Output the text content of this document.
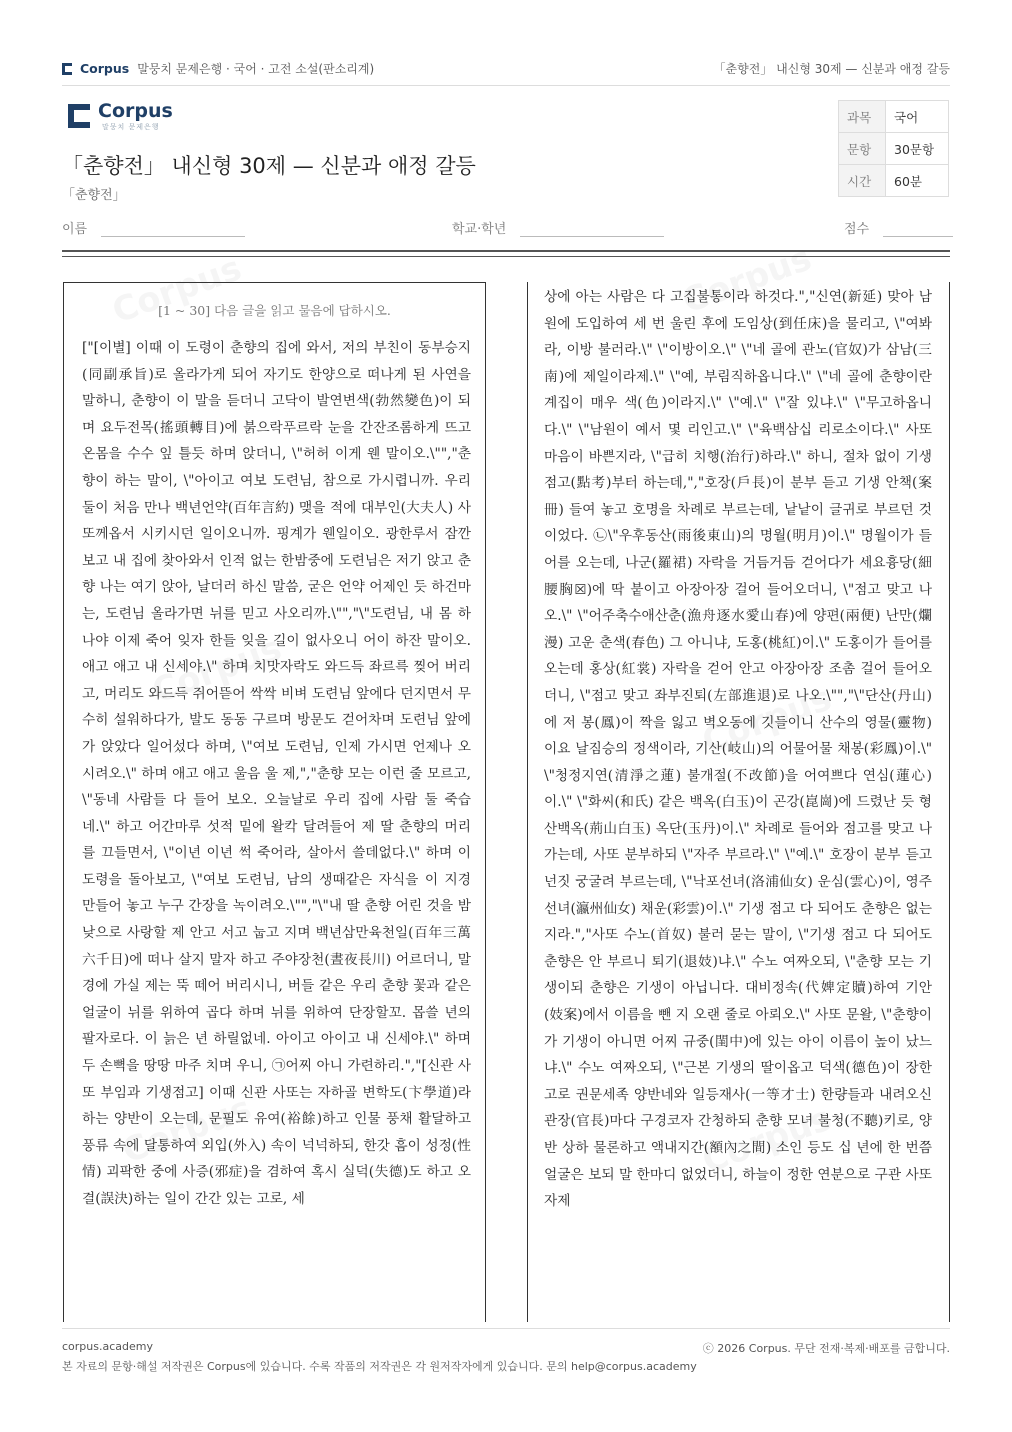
Corpus 말뭉치 문제은행 · 국어 · 고전 소설(판소리계)	「춘향전」 내신형 30제 — 신분과 애정 갈등
Corpus
말뭉치 문제은행
「춘향전」 내신형 30제 — 신분과 애정 갈등
「춘향전」
과목	국어
문항	30문항
시간	60분
이름	학교·학년	점수
[1 ~ 30] 다음 글을 읽고 물음에 답하시오.
["[이별] 이때 이 도령이 춘향의 집에 와서, 저의 부친이 동부승지(同副承旨)로 올라가게 되어 자기도 한양으로 떠나게 된 사연을 말하니, 춘향이 이 말을 듣더니 고닥이 발연변색(勃然變色)이 되며 요두전목(搖頭轉目)에 붉으락푸르락 눈을 간잔조롬하게 뜨고 온몸을 수수 잎 틀듯 하며 앉더니, \"허허 이게 웬 말이오.\"","춘향이 하는 말이, \"아이고 여보 도련님, 참으로 가시렵니까. 우리 둘이 처음 만나 백년언약(百年言約) 맺을 적에 대부인(大夫人) 사또께옵서 시키시던 일이오니까. 핑계가 웬일이오. 광한루서 잠깐 보고 내 집에 찾아와서 인적 없는 한밤중에 도련님은 저기 앉고 춘향 나는 여기 앉아, 날더러 하신 말씀, 굳은 언약 어제인 듯 하건마는, 도련님 올라가면 뉘를 믿고 사오리까.\"","\"도련님, 내 몸 하나야 이제 죽어 잊자 한들 잊을 길이 없사오니 어이 하잔 말이오. 애고 애고 내 신세야.\" 하며 치맛자락도 와드득 좌르륵 찢어 버리고, 머리도 와드득 쥐어뜯어 싹싹 비벼 도련님 앞에다 던지면서 무수히 설워하다가, 발도 동동 구르며 방문도 걷어차며 도련님 앞에 가 앉았다 일어섰다 하며, \"여보 도련님, 인제 가시면 언제나 오시려오.\" 하며 애고 애고 울음 울 제,","춘향 모는 이런 줄 모르고, \"동네 사람들 다 들어 보오. 오늘날로 우리 집에 사람 둘 죽습네.\" 하고 어간마루 섯적 밑에 왈칵 달려들어 제 딸 춘향의 머리를 끄들면서, \"이년 이년 썩 죽어라, 살아서 쓸데없다.\" 하며 이 도령을 돌아보고, \"여보 도련님, 남의 생때같은 자식을 이 지경 만들어 놓고 누구 간장을 녹이려오.\"","\"내 딸 춘향 어린 것을 밤낮으로 사랑할 제 안고 서고 눕고 지며 백년삼만육천일(百年三萬六千日)에 떠나 살지 말자 하고 주야장천(晝夜長川) 어르더니, 말경에 가실 제는 뚝 떼어 버리시니, 버들 같은 우리 춘향 꽃과 같은 얼굴이 뉘를 위하여 곱다 하며 뉘를 위하여 단장할꼬. 몹쓸 년의 팔자로다. 이 늙은 년 하릴없네. 아이고 아이고 내 신세야.\" 하며 두 손뼉을 땅땅 마주 치며 우니, ㉠어찌 아니 가련하리.","[신관 사또 부임과 기생점고] 이때 신관 사또는 자하골 변학도(卞學道)라 하는 양반이 오는데, 문필도 유여(裕餘)하고 인물 풍채 활달하고 풍류 속에 달통하여 외입(外入) 속이 넉넉하되, 한갓 흠이 성정(性情) 괴팍한 중에 사증(邪症)을 겸하여 혹시 실덕(失德)도 하고 오결(誤決)하는 일이 간간 있는 고로, 세
상에 아는 사람은 다 고집불통이라 하것다.","신연(新延) 맞아 남원에 도입하여 세 번 울린 후에 도임상(到任床)을 물리고, \"여봐라, 이방 불러라.\" \"이방이오.\" \"네 골에 관노(官奴)가 삼남(三南)에 제일이라제.\" \"예, 부림직하옵니다.\" \"네 골에 춘향이란 계집이 매우 색(色)이라지.\" \"예.\" \"잘 있냐.\" \"무고하옵니다.\" \"남원이 예서 몇 리인고.\" \"육백삼십 리로소이다.\" 사또 마음이 바쁜지라, \"급히 치행(治行)하라.\" 하니, 절차 없이 기생 점고(點考)부터 하는데,","호장(戶長)이 분부 듣고 기생 안책(案冊) 들여 놓고 호명을 차례로 부르는데, 낱낱이 글귀로 부르던 것이었다. ㉡\"우후동산(雨後東山)의 명월(明月)이.\" 명월이가 들어를 오는데, 나군(羅裙) 자락을 거듬거듬 걷어다가 세요흉당(細腰胸☒)에 딱 붙이고 아장아장 걸어 들어오더니, \"점고 맞고 나오.\" \"어주축수애산춘(漁舟逐水愛山春)에 양편(兩便) 난만(爛漫) 고운 춘색(春色) 그 아니냐, 도홍(桃紅)이.\" 도홍이가 들어를 오는데 홍상(紅裳) 자락을 걷어 안고 아장아장 조촘 걸어 들어오더니, \"점고 맞고 좌부진퇴(左部進退)로 나오.\"","\"단산(丹山)에 저 봉(鳳)이 짝을 잃고 벽오동에 깃들이니 산수의 영물(靈物)이요 날짐승의 정색이라, 기산(岐山)의 어물어물 채봉(彩鳳)이.\" \"청정지연(清淨之蓮) 불개절(不改節)을 어여쁘다 연심(蓮心)이.\" \"화씨(和氏) 같은 백옥(白玉)이 곤강(崑崗)에 드렸난 듯 형산백옥(荊山白玉) 옥단(玉丹)이.\" 차례로 들어와 점고를 맞고 나가는데, 사또 분부하되 \"자주 부르라.\" \"예.\" 호장이 분부 듣고 넌짓 궁굴려 부르는데, \"낙포선녀(洛浦仙女) 운심(雲心)이, 영주선녀(瀛州仙女) 채운(彩雲)이.\" 기생 점고 다 되어도 춘향은 없는지라.","사또 수노(首奴) 불러 묻는 말이, \"기생 점고 다 되어도 춘향은 안 부르니 퇴기(退妓)냐.\" 수노 여짜오되, \"춘향 모는 기생이되 춘향은 기생이 아닙니다. 대비정속(代婢定贖)하여 기안(妓案)에서 이름을 뺀 지 오랜 줄로 아뢰오.\" 사또 문왈, \"춘향이가 기생이 아니면 어찌 규중(閨中)에 있는 아이 이름이 높이 났느냐.\" 수노 여짜오되, \"근본 기생의 딸이옵고 덕색(德色)이 장한 고로 권문세족 양반네와 일등재사(一等才士) 한량들과 내려오신 관장(官長)마다 구경코자 간청하되 춘향 모녀 불청(不聽)키로, 양반 상하 물론하고 액내지간(額內之間) 소인 등도 십 년에 한 번쯤 얼굴은 보되 말 한마디 없었더니, 하늘이 정한 연분으로 구관 사또 자제
corpus.academy	ⓒ 2026 Corpus. 무단 전재·복제·배포를 금합니다.
본 자료의 문항·해설 저작권은 Corpus에 있습니다. 수록 작품의 저작권은 각 원저작자에게 있습니다. 문의 help@corpus.academy
